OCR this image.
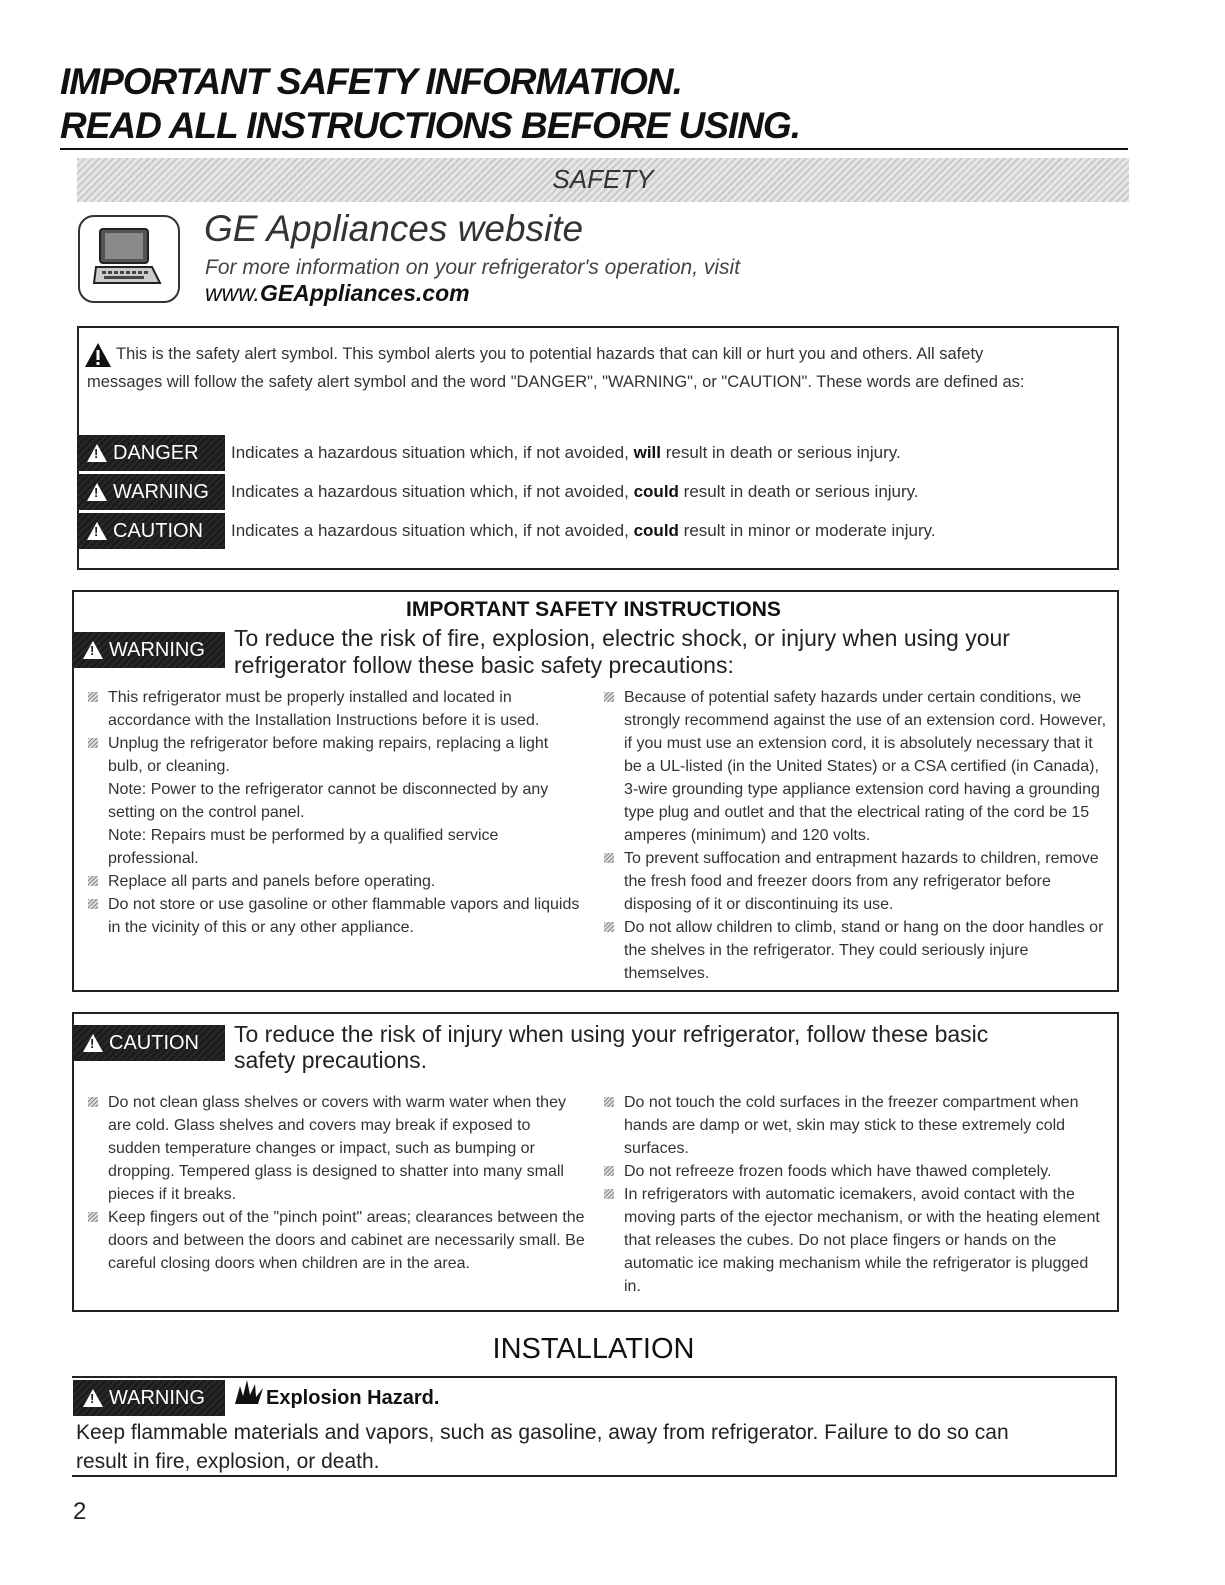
IMPORTANT SAFETY INFORMATION.
READ ALL INSTRUCTIONS BEFORE USING.
SAFETY
GE Appliances website
For more information on your refrigerator's operation, visit
www.GEAppliances.com
This is the safety alert symbol. This symbol alerts you to potential hazards that can kill or hurt you and others. All safety
messages will follow the safety alert symbol and the word "DANGER", "WARNING", or "CAUTION". These words are defined as:
!
DANGER Indicates a hazardous situation which, if not avoided, will result in death or serious injury.
!
WARNING Indicates a hazardous situation which, if not avoided, could result in death or serious injury.
!
CAUTION Indicates a hazardous situation which, if not avoided, could result in minor or moderate injury.
IMPORTANT SAFETY INSTRUCTIONS
!
WARNING To reduce the risk of fire, explosion, electric shock, or injury when using your
refrigerator follow these basic safety precautions:
This refrigerator must be properly installed and located in accordance with the Installation Instructions before it is used.
Unplug the refrigerator before making repairs, replacing a light bulb, or cleaning.
Note: Power to the refrigerator cannot be disconnected by any setting on the control panel.
Note: Repairs must be performed by a qualified service professional.
Replace all parts and panels before operating.
Do not store or use gasoline or other flammable vapors and liquids in the vicinity of this or any other appliance.
Because of potential safety hazards under certain conditions, we strongly recommend against the use of an extension cord. However, if you must use an extension cord, it is absolutely necessary that it be a UL-listed (in the United States) or a CSA certified (in Canada), 3-wire grounding type appliance extension cord having a grounding type plug and outlet and that the electrical rating of the cord be 15 amperes (minimum) and 120 volts.
To prevent suffocation and entrapment hazards to children, remove the fresh food and freezer doors from any refrigerator before disposing of it or discontinuing its use.
Do not allow children to climb, stand or hang on the door handles or the shelves in the refrigerator. They could seriously injure themselves.
!
CAUTION To reduce the risk of injury when using your refrigerator, follow these basic
safety precautions.
Do not clean glass shelves or covers with warm water when they are cold. Glass shelves and covers may break if exposed to sudden temperature changes or impact, such as bumping or dropping. Tempered glass is designed to shatter into many small pieces if it breaks.
Keep fingers out of the "pinch point" areas; clearances between the doors and between the doors and cabinet are necessarily small. Be careful closing doors when children are in the area.
Do not touch the cold surfaces in the freezer compartment when hands are damp or wet, skin may stick to these extremely cold surfaces.
Do not refreeze frozen foods which have thawed completely.
In refrigerators with automatic icemakers, avoid contact with the moving parts of the ejector mechanism, or with the heating element that releases the cubes. Do not place fingers or hands on the automatic ice making mechanism while the refrigerator is plugged in.
INSTALLATION
!
WARNING	Explosion Hazard.
Keep flammable materials and vapors, such as gasoline, away from refrigerator. Failure to do so can
result in fire, explosion, or death.
2
